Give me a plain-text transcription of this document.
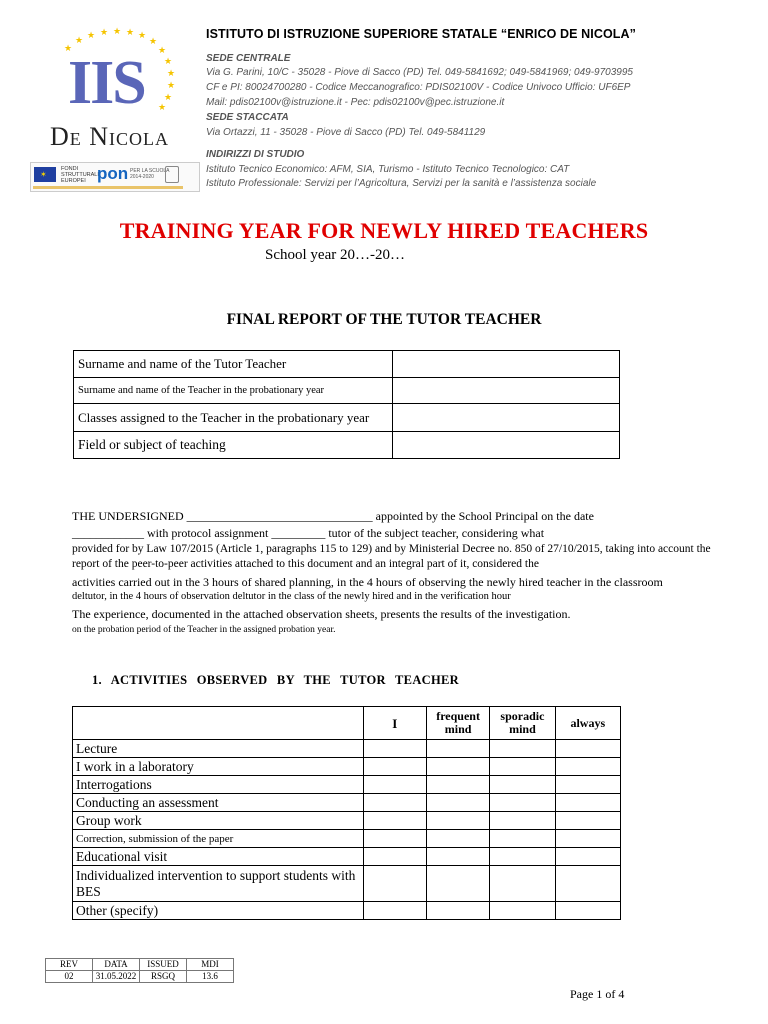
★
★ ★ ★ ★ ★ ★
★
★
★
★
★
★
★
IIS
De Nicola
✶
FONDI
STRUTTURALI
EUROPEI pon PER LA SCUOLA
2014-2020
ISTITUTO DI ISTRUZIONE SUPERIORE STATALE “ENRICO DE NICOLA”
SEDE CENTRALE
Via G. Parini, 10/C - 35028 - Piove di Sacco (PD) Tel. 049-5841692; 049-5841969; 049-9703995
CF e PI: 80024700280 - Codice Meccanografico: PDIS02100V - Codice Univoco Ufficio: UF6EP
Mail: pdis02100v@istruzione.it - Pec: pdis02100v@pec.istruzione.it
SEDE STACCATA
Via Ortazzi, 11 - 35028 - Piove di Sacco (PD) Tel. 049-5841129
INDIRIZZI DI STUDIO
Istituto Tecnico Economico: AFM, SIA, Turismo - Istituto Tecnico Tecnologico: CAT
Istituto Professionale: Servizi per l’Agricoltura, Servizi per la sanità e l’assistenza sociale
TRAINING YEAR FOR NEWLY HIRED TEACHERS
School year 20…-20…
FINAL REPORT OF THE TUTOR TEACHER
Surname and name of the Tutor Teacher	
Surname and name of the Teacher in the probationary year	
Classes assigned to the Teacher in the probationary year	
Field or subject of teaching	
THE UNDERSIGNED _______________________________ appointed by the School Principal on the date
____________ with protocol assignment _________ tutor of the subject teacher, considering what
provided for by Law 107/2015 (Article 1, paragraphs 115 to 129) and by Ministerial Decree no. 850 of 27/10/2015, taking into account the
report of the peer-to-peer activities attached to this document and an integral part of it, considered the
activities carried out in the 3 hours of shared planning, in the 4 hours of observing the newly hired teacher in the classroom
deltutor, in the 4 hours of observation deltutor in the class of the newly hired and in the verification hour
The experience, documented in the attached observation sheets, presents the results of the investigation.
on the probation period of the Teacher in the assigned probation year.
1. ACTIVITIES OBSERVED BY THE TUTOR TEACHER
	I	frequent mind	sporadic mind	always
Lecture				
I work in a laboratory				
Interrogations				
Conducting an assessment				
Group work				
Correction, submission of the paper				
Educational visit				
Individualized intervention to support students with BES				
Other (specify)				
REV	DATA	ISSUED	MDI
02	31.05.2022	RSGQ	13.6
Page 1 of 4
